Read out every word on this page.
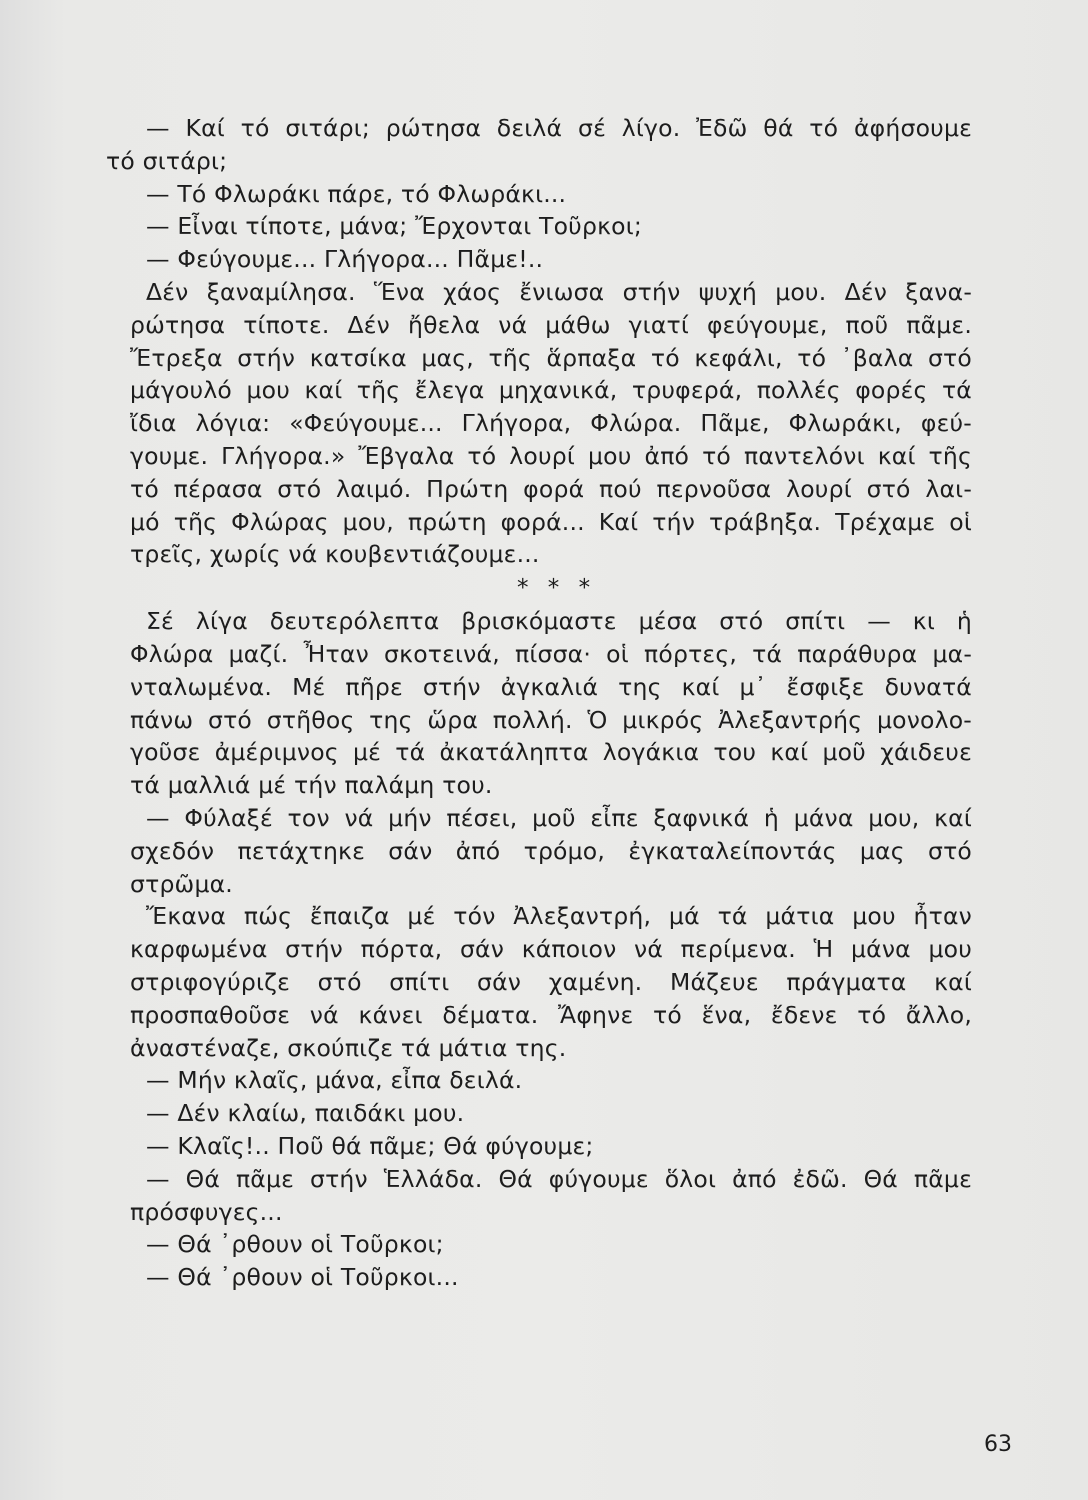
— Καί τό σιτάρι; ρώτησα δειλά σέ λίγο. Ἐδῶ θά τό ἀφήσουμε
τό σιτάρι;
— Τό Φλωράκι πάρε, τό Φλωράκι...
— Εἶναι τίποτε, μάνα; Ἔρχονται Τοῦρκοι;
— Φεύγουμε... Γλήγορα... Πᾶμε!..
Δέν ξαναμίλησα. Ἕνα χάος ἔνιωσα στήν ψυχή μου. Δέν ξανα-
ρώτησα τίποτε. Δέν ἤθελα νά μάθω γιατί φεύγουμε, ποῦ πᾶμε.
Ἔτρεξα στήν κατσίκα μας, τῆς ἅρπαξα τό κεφάλι, τό ᾽βαλα στό
μάγουλό μου καί τῆς ἔλεγα μηχανικά, τρυφερά, πολλές φορές τά
ἴδια λόγια: «Φεύγουμε... Γλήγορα, Φλώρα. Πᾶμε, Φλωράκι, φεύ-
γουμε. Γλήγορα.» Ἔβγαλα τό λουρί μου ἀπό τό παντελόνι καί τῆς
τό πέρασα στό λαιμό. Πρώτη φορά πού περνοῦσα λουρί στό λαι-
μό τῆς Φλώρας μου, πρώτη φορά... Καί τήν τράβηξα. Τρέχαμε οἱ
τρεῖς, χωρίς νά κουβεντιάζουμε...
* * *
Σέ λίγα δευτερόλεπτα βρισκόμαστε μέσα στό σπίτι — κι ἡ
Φλώρα μαζί. Ἦταν σκοτεινά, πίσσα· οἱ πόρτες, τά παράθυρα μα-
νταλωμένα. Μέ πῆρε στήν ἀγκαλιά της καί μ᾽ ἔσφιξε δυνατά
πάνω στό στῆθος της ὥρα πολλή. Ὁ μικρός Ἀλεξαντρής μονολο-
γοῦσε ἀμέριμνος μέ τά ἀκατάληπτα λογάκια του καί μοῦ χάιδευε
τά μαλλιά μέ τήν παλάμη του.
— Φύλαξέ τον νά μήν πέσει, μοῦ εἶπε ξαφνικά ἡ μάνα μου, καί
σχεδόν πετάχτηκε σάν ἀπό τρόμο, ἐγκαταλείποντάς μας στό
στρῶμα.
Ἔκανα πώς ἔπαιζα μέ τόν Ἀλεξαντρή, μά τά μάτια μου ἦταν
καρφωμένα στήν πόρτα, σάν κάποιον νά περίμενα. Ἡ μάνα μου
στριφογύριζε στό σπίτι σάν χαμένη. Μάζευε πράγματα καί
προσπαθοῦσε νά κάνει δέματα. Ἄφηνε τό ἕνα, ἔδενε τό ἄλλο,
ἀναστέναζε, σκούπιζε τά μάτια της.
— Μήν κλαῖς, μάνα, εἶπα δειλά.
— Δέν κλαίω, παιδάκι μου.
— Κλαῖς!.. Ποῦ θά πᾶμε; Θά φύγουμε;
— Θά πᾶμε στήν Ἑλλάδα. Θά φύγουμε ὅλοι ἀπό ἐδῶ. Θά πᾶμε
πρόσφυγες...
— Θά ᾽ρθουν οἱ Τοῦρκοι;
— Θά ᾽ρθουν οἱ Τοῦρκοι...
63
